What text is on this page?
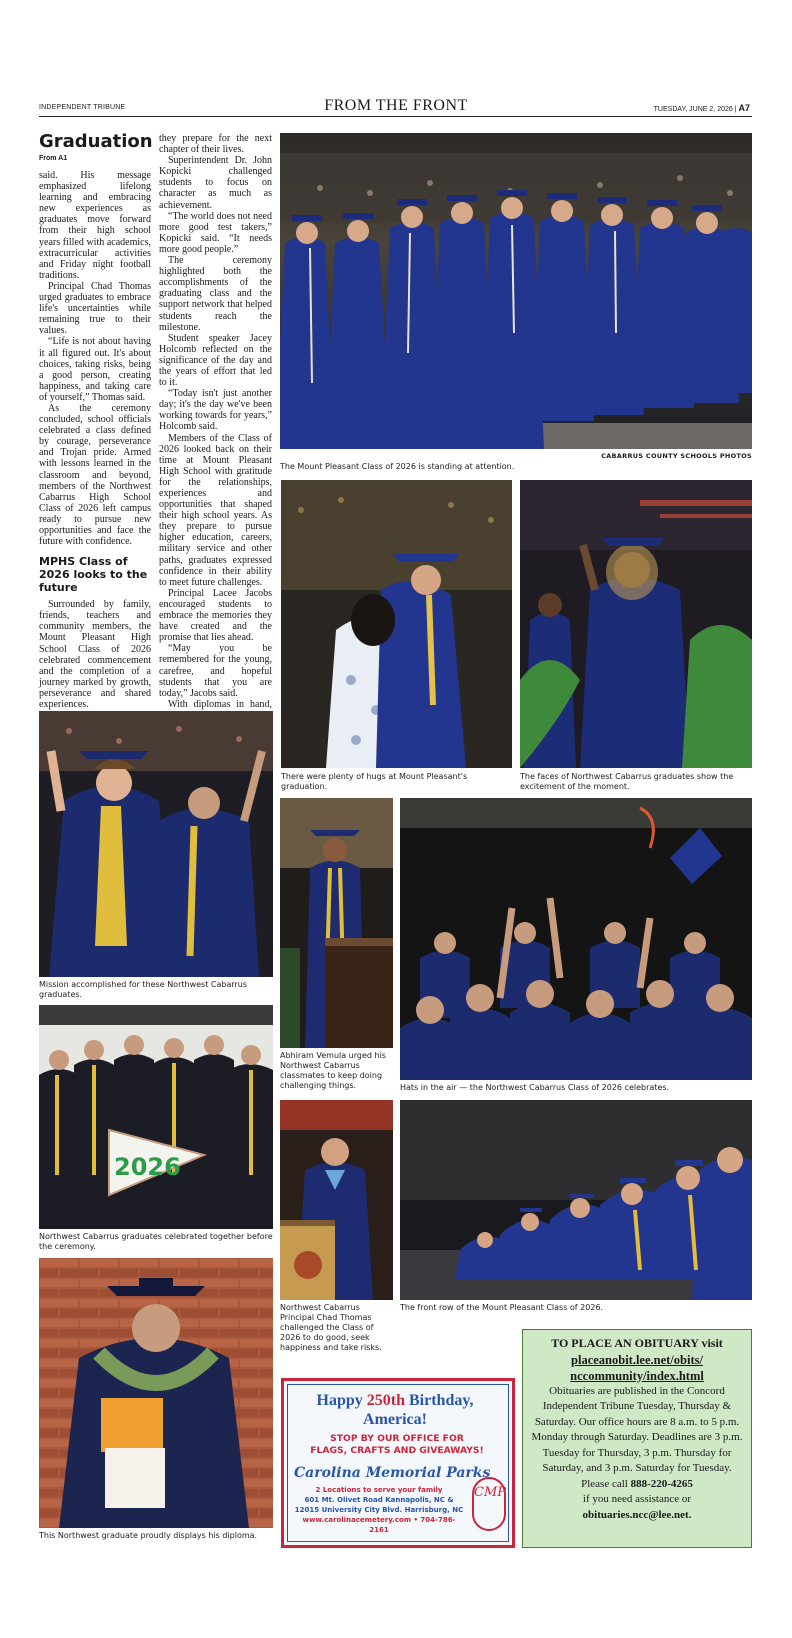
INDEPENDENT TRIBUNE	FROM THE FRONT	TUESDAY, JUNE 2, 2026 | A7
Graduation
From A1

said. His message emphasized lifelong learning and embracing new experiences as graduates move forward from their high school years filled with academics, extracurricular activities and Friday night football traditions.

Principal Chad Thomas urged graduates to embrace life's uncertainties while remaining true to their values.

“Life is not about having it all figured out. It's about choices, taking risks, being a good person, creating happiness, and taking care of yourself,” Thomas said.

As the ceremony concluded, school officials celebrated a class defined by courage, perseverance and Trojan pride. Armed with lessons learned in the classroom and beyond, members of the Northwest Cabarrus High School Class of 2026 left campus ready to pursue new opportunities and face the future with confidence.

MPHS Class of 2026 looks to the future

Surrounded by family, friends, teachers and community members, the Mount Pleasant High School Class of 2026 celebrated commencement and the completion of a journey marked by growth, perseverance and shared experiences.

they prepare for the next chapter of their lives.

Superintendent Dr. John Kopicki challenged students to focus on character as much as achievement.

“The world does not need more good test takers,” Kopicki said. “It needs more good people.”

The ceremony highlighted both the accomplishments of the graduating class and the support network that helped students reach the milestone.

Student speaker Jacey Holcomb reflected on the significance of the day and the years of effort that led to it.

“Today isn't just another day; it's the day we've been working towards for years,” Holcomb said.

Members of the Class of 2026 looked back on their time at Mount Pleasant High School with gratitude for the relationships, experiences and opportunities that shaped their high school years. As they prepare to pursue higher education, careers, military service and other paths, graduates expressed confidence in their ability to meet future challenges.

Principal Lacee Jacobs encouraged students to embrace the memories they have created and the promise that lies ahead.

“May you be remembered for the young, carefree, and hopeful students that you are today,” Jacobs said.

With diplomas in hand,

CABARRUS COUNTY SCHOOLS PHOTOS
The Mount Pleasant Class of 2026 is standing at attention.
There were plenty of hugs at Mount Pleasant's graduation.
The faces of Northwest Cabarrus graduates show the excitement of the moment.
Mission accomplished for these Northwest Cabarrus graduates.
Abhiram Vemula urged his Northwest Cabarrus classmates to keep doing challenging things.	Hats in the air — the Northwest Cabarrus Class of 2026 celebrates.
2026
Northwest Cabarrus graduates celebrated together before the ceremony.
Northwest Cabarrus Principal Chad Thomas challenged the Class of 2026 to do good, seek happiness and take risks.
The front row of the Mount Pleasant Class of 2026.
This Northwest graduate proudly displays his diploma.
Happy 250th Birthday,
America!
STOP BY OUR OFFICE FOR
FLAGS, CRAFTS AND GIVEAWAYS!
Carolina Memorial Parks
2 Locations to serve your family
601 Mt. Olivet Road Kannapolis, NC &
12015 University City Blvd. Harrisburg, NC
www.carolinacemetery.com • 704-786-2161
CMP
TO PLACE AN OBITUARY visit
placeanobit.lee.net/obits/
nccommunity/index.html
Obituaries are published in the Concord Independent Tribune Tuesday, Thursday & Saturday. Our office hours are 8 a.m. to 5 p.m. Monday through Saturday. Deadlines are 3 p.m. Tuesday for Thursday, 3 p.m. Thursday for Saturday, and 3 p.m. Saturday for Tuesday.
Please call 888-220-4265
if you need assistance or
obituaries.ncc@lee.net.
